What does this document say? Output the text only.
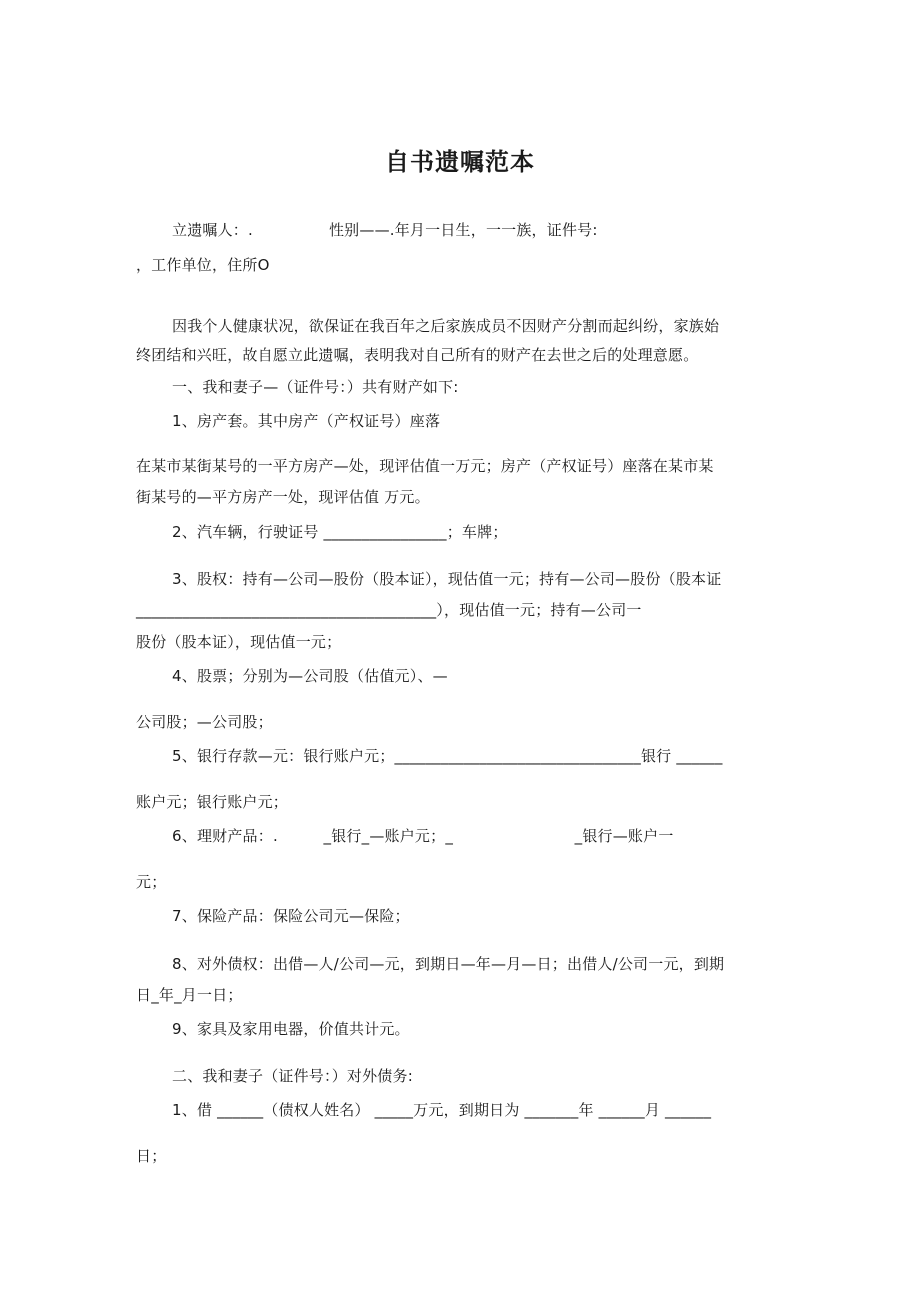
自书遗嘱范本
立遗嘱人：.　　　　　性别——.年月一日生，一一族，证件号:
，工作单位，住所O
因我个人健康状况，欲保证在我百年之后家族成员不因财产分割而起纠纷，家族始
终团结和兴旺，故自愿立此遗嘱，表明我对自己所有的财产在去世之后的处理意愿。
一、我和妻子—（证件号：）共有财产如下:
1、房产套。其中房产（产权证号）座落
在某市某街某号的一平方房产—处，现评估值一万元；房产（产权证号）座落在某市某
街某号的—平方房产一处，现评估值 万元。
2、汽车辆，行驶证号 ________________；车牌；
3、股权：持有—公司—股份（股本证），现估值一元；持有—公司—股份（股本证
_______________________________________），现估值一元；持有—公司一
股份（股本证），现估值一元；
4、股票；分别为—公司股（估值元）、—
公司股；—公司股；
5、银行存款—元：银行账户元；________________________________银行 ______
账户元；银行账户元；
6、理财产品：.　　　_银行_—账户元；_　　　　　　　　_银行—账户一
元；
7、保险产品：保险公司元—保险；
8、对外债权：出借—人/公司—元，到期日—年—月—日；出借人/公司一元，到期
日_年_月一日；
9、家具及家用电器，价值共计元。
二、我和妻子（证件号：）对外债务:
1、借 ______（债权人姓名） _____万元，到期日为 _______年 ______月 ______
日；
